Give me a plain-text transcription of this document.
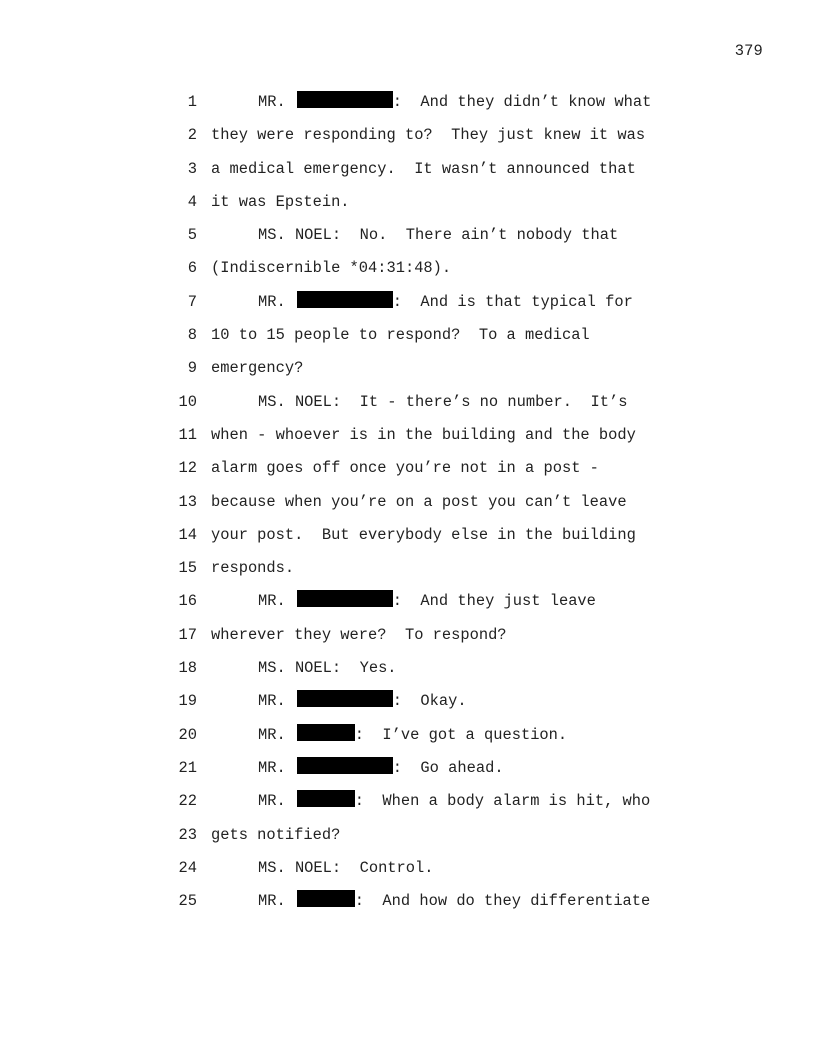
379
1	MR.	:  And they didn’t know what
2 they were responding to?  They just knew it was
3 a medical emergency.  It wasn’t announced that
4 it was Epstein.
5	MS. NOEL:  No.  There ain’t nobody that
6 (Indiscernible *04:31:48).
7	MR.	:  And is that typical for
8 10 to 15 people to respond?  To a medical
9 emergency?
10	MS. NOEL:  It - there’s no number.  It’s
11 when - whoever is in the building and the body
12 alarm goes off once you’re not in a post -
13 because when you’re on a post you can’t leave
14 your post.  But everybody else in the building
15 responds.
16	MR.	:  And they just leave
17 wherever they were?  To respond?
18	MS. NOEL:  Yes.
19	MR.	:  Okay.
20	MR.	:  I’ve got a question.
21	MR.	:  Go ahead.
22	MR.	:  When a body alarm is hit, who
23 gets notified?
24	MS. NOEL:  Control.
25	MR.	:  And how do they differentiate
